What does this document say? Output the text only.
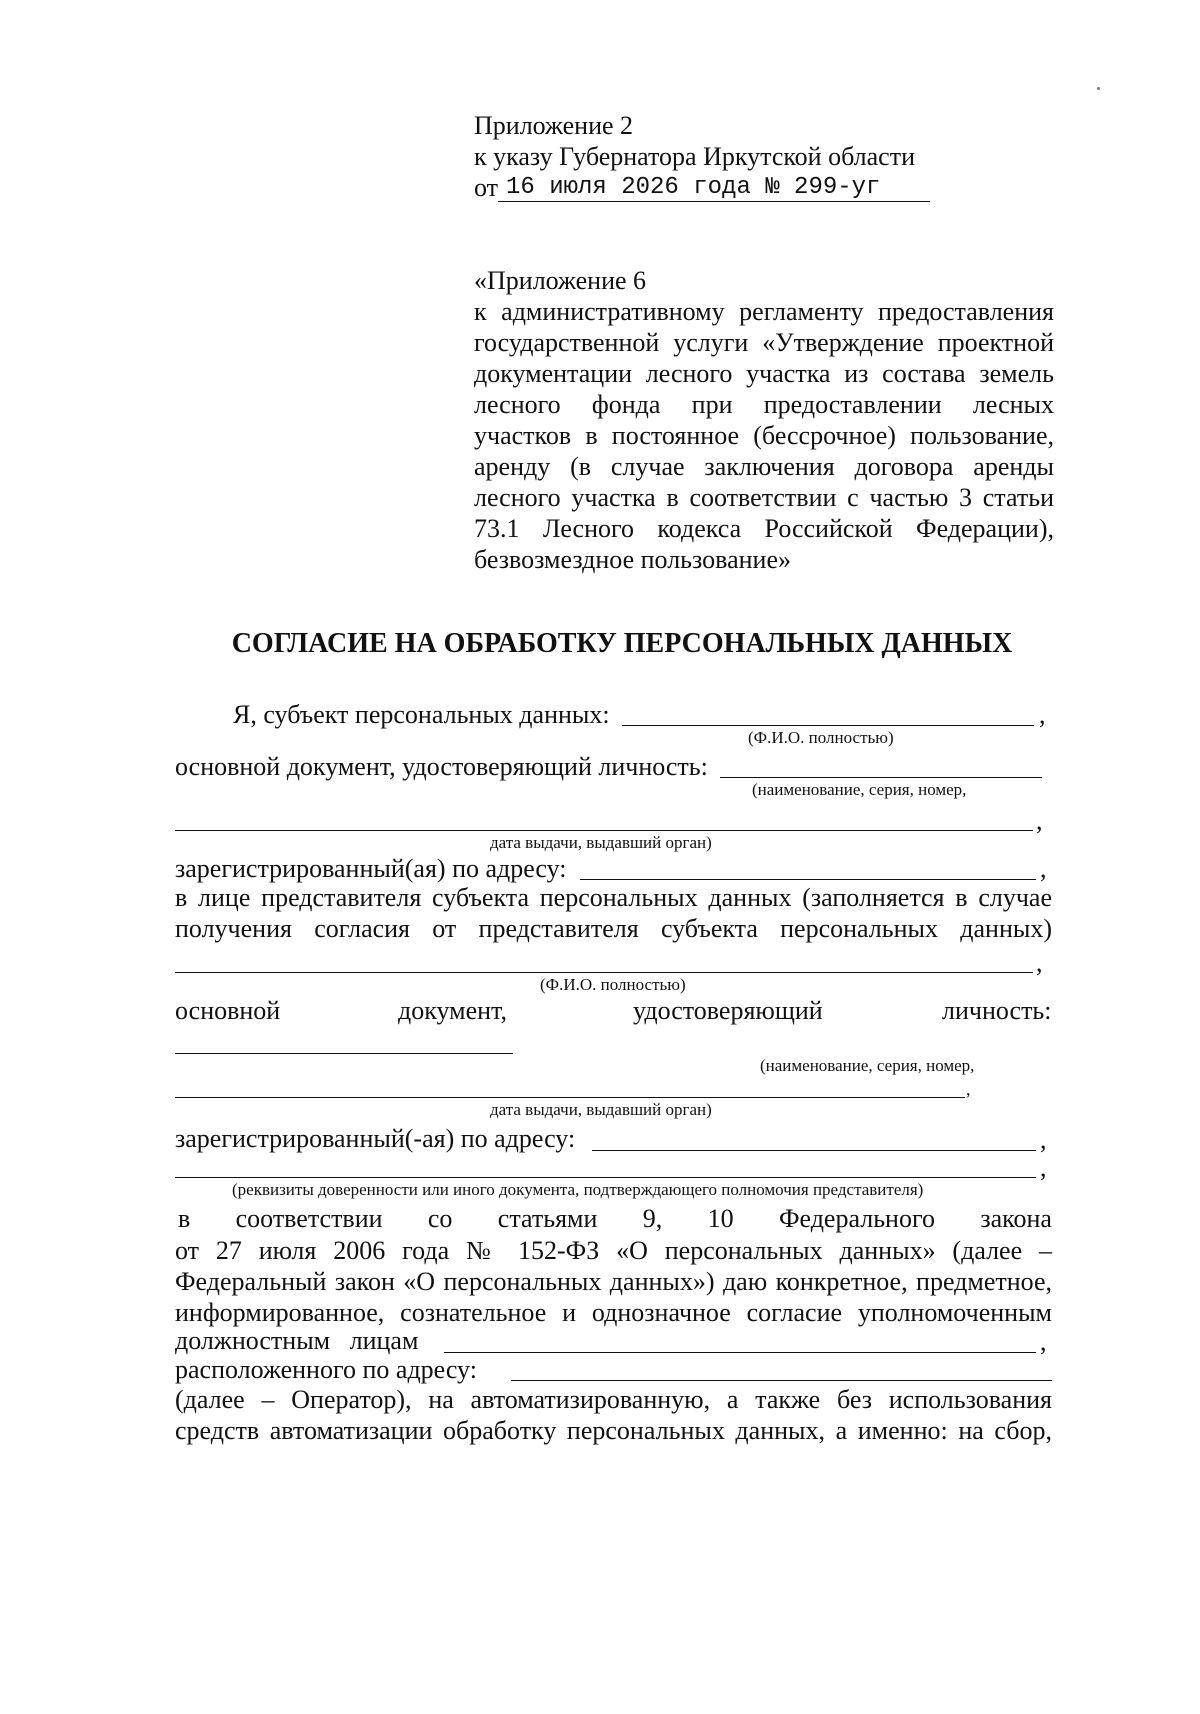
Приложение 2
к указу Губернатора Иркутской области
от 16 июля 2026 года № 299-уг
«Приложение 6
к административному регламенту предоставления
государственной услуги «Утверждение проектной
документации лесного участка из состава земель
лесного фонда при предоставлении лесных
участков в постоянное (бессрочное) пользование,
аренду (в случае заключения договора аренды
лесного участка в соответствии с частью 3 статьи
73.1 Лесного кодекса Российской Федерации),
безвозмездное пользование»
СОГЛАСИЕ НА ОБРАБОТКУ ПЕРСОНАЛЬНЫХ ДАННЫХ
Я, субъект персональных данных:	,
(Ф.И.О. полностью)
основной документ, удостоверяющий личность:
(наименование, серия, номер,
,
дата выдачи, выдавший орган)
зарегистрированный(ая) по адресу:	,
в лице представителя субъекта персональных данных (заполняется в случае
получения согласия от представителя субъекта персональных данных)
,
(Ф.И.О. полностью)
основной	документ,	удостоверяющий	личность:
(наименование, серия, номер,
,
дата выдачи, выдавший орган)
зарегистрированный(-ая) по адресу:	,
,
(реквизиты доверенности или иного документа, подтверждающего полномочия представителя)
в соответствии со статьями 9, 10 Федерального закона
от 27 июля 2006 года № 152-ФЗ «О персональных данных» (далее –
Федеральный закон «О персональных данных») даю конкретное, предметное,
информированное, сознательное и однозначное согласие уполномоченным
должностным   лицам	,
расположенного по адресу:
(далее – Оператор), на автоматизированную, а также без использования
средств автоматизации обработку персональных данных, а именно: на сбор,
